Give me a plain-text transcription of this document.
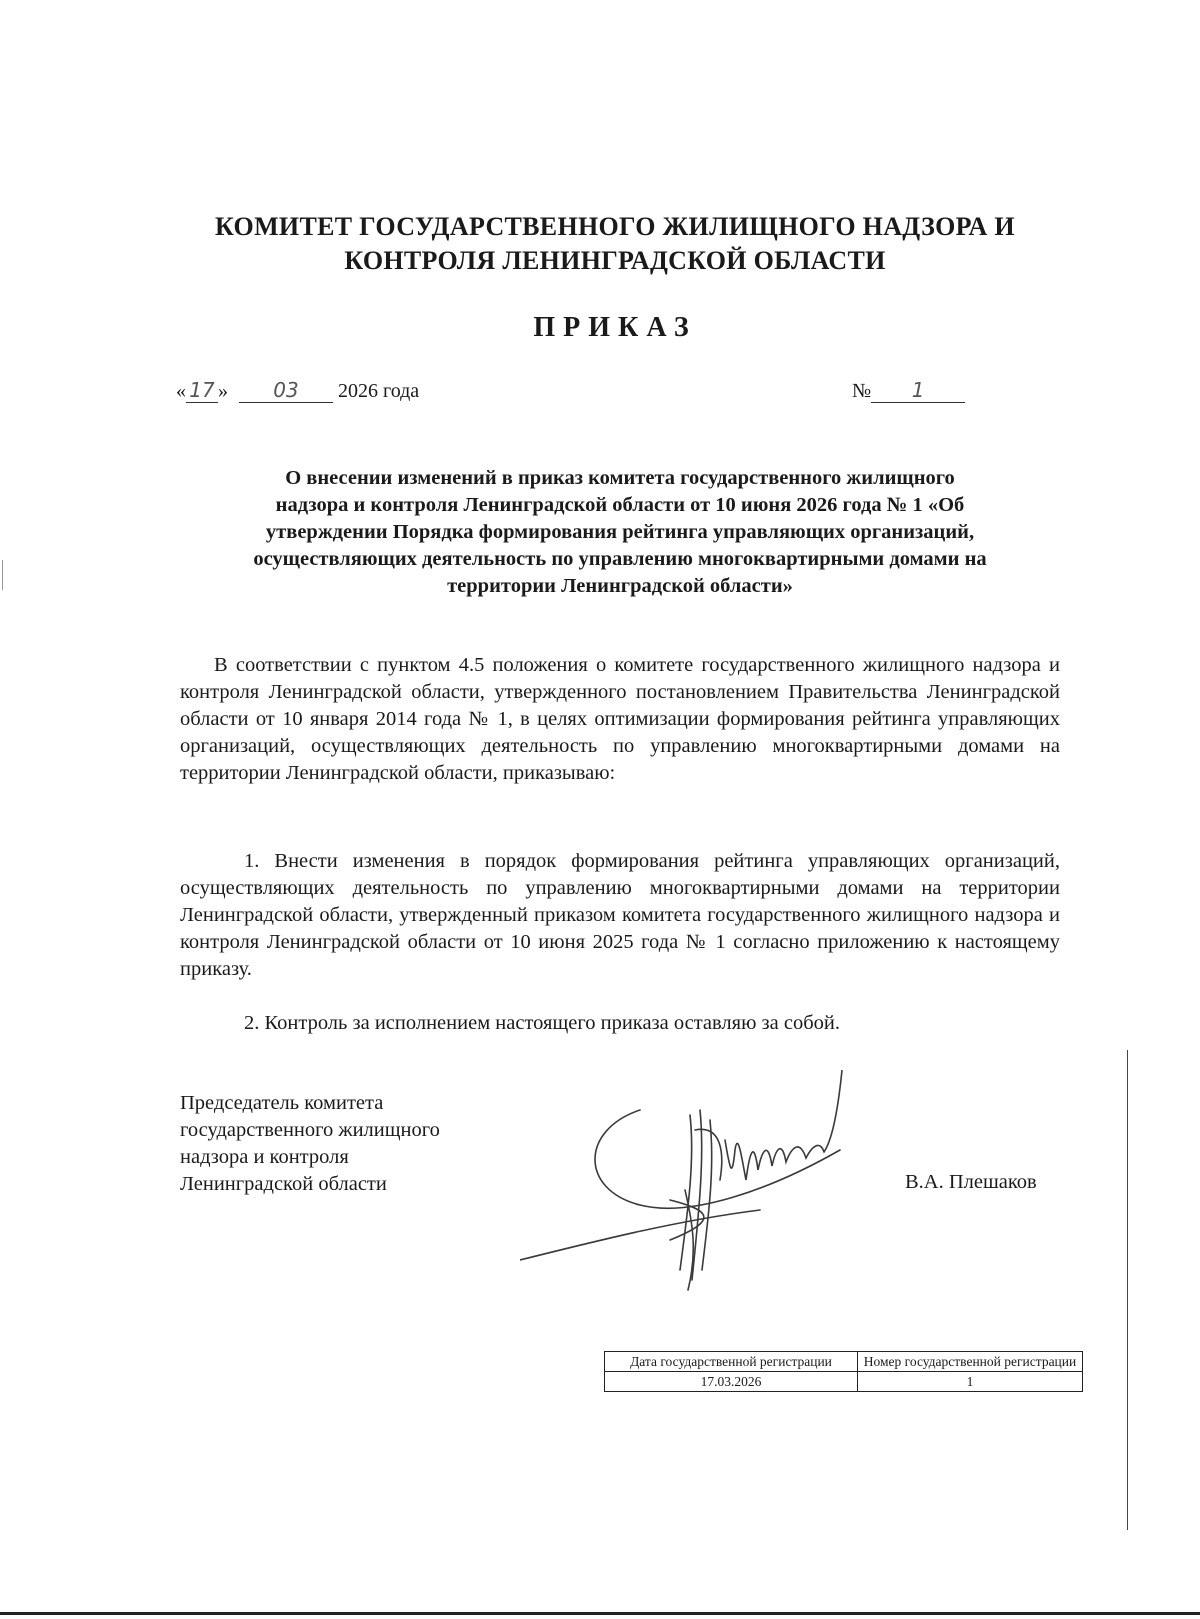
КОМИТЕТ ГОСУДАРСТВЕННОГО ЖИЛИЩНОГО НАДЗОРА И
КОНТРОЛЯ ЛЕНИНГРАДСКОЙ ОБЛАСТИ
ПРИКАЗ
« 17 » 03 2026 года	№ 1
О внесении изменений в приказ комитета государственного жилищного
надзора и контроля Ленинградской области от 10 июня 2026 года № 1 «Об
утверждении Порядка формирования рейтинга управляющих организаций,
осуществляющих деятельность по управлению многоквартирными домами на
территории Ленинградской области»
В соответствии с пунктом 4.5 положения о комитете государственного жилищного надзора и контроля Ленинградской области, утвержденного постановлением Правительства Ленинградской области от 10 января 2014 года № 1, в целях оптимизации формирования рейтинга управляющих организаций, осуществляющих деятельность по управлению многоквартирными домами на территории Ленинградской области, приказываю:
1. Внести изменения в порядок формирования рейтинга управляющих организаций, осуществляющих деятельность по управлению многоквартирными домами на территории Ленинградской области, утвержденный приказом комитета государственного жилищного надзора и контроля Ленинградской области от 10 июня 2025 года № 1 согласно приложению к настоящему приказу.
2. Контроль за исполнением настоящего приказа оставляю за собой.
Председатель комитета
государственного жилищного
надзора и контроля
Ленинградской области	В.А. Плешаков
Дата государственной регистрации	Номер государственной регистрации
17.03.2026	1
